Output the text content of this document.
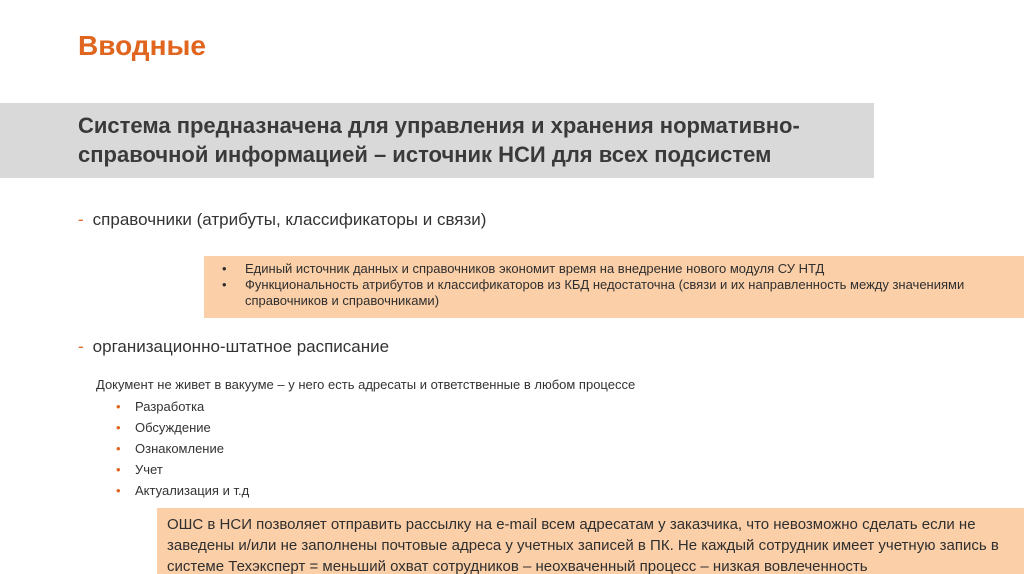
Вводные
Система предназначена для управления и хранения нормативно-справочной информацией – источник НСИ для всех подсистем
- справочники (атрибуты, классификаторы и связи)
• Единый источник данных и справочников экономит время на внедрение нового модуля СУ НТД
• Функциональность атрибутов и классификаторов из КБД недостаточна (связи и их направленность между значениями справочников и справочниками)
- организационно-штатное расписание
Документ не живет в вакууме – у него есть адресаты и ответственные в любом процессе
• Разработка
• Обсуждение
• Ознакомление
• Учет
• Актуализация и т.д
ОШС в НСИ позволяет отправить рассылку на e-mail всем адресатам у заказчика, что невозможно сделать если не заведены и/или не заполнены почтовые адреса у учетных записей в ПК. Не каждый сотрудник имеет учетную запись в системе Техэксперт = меньший охват сотрудников – неохваченный процесс – низкая вовлеченность
